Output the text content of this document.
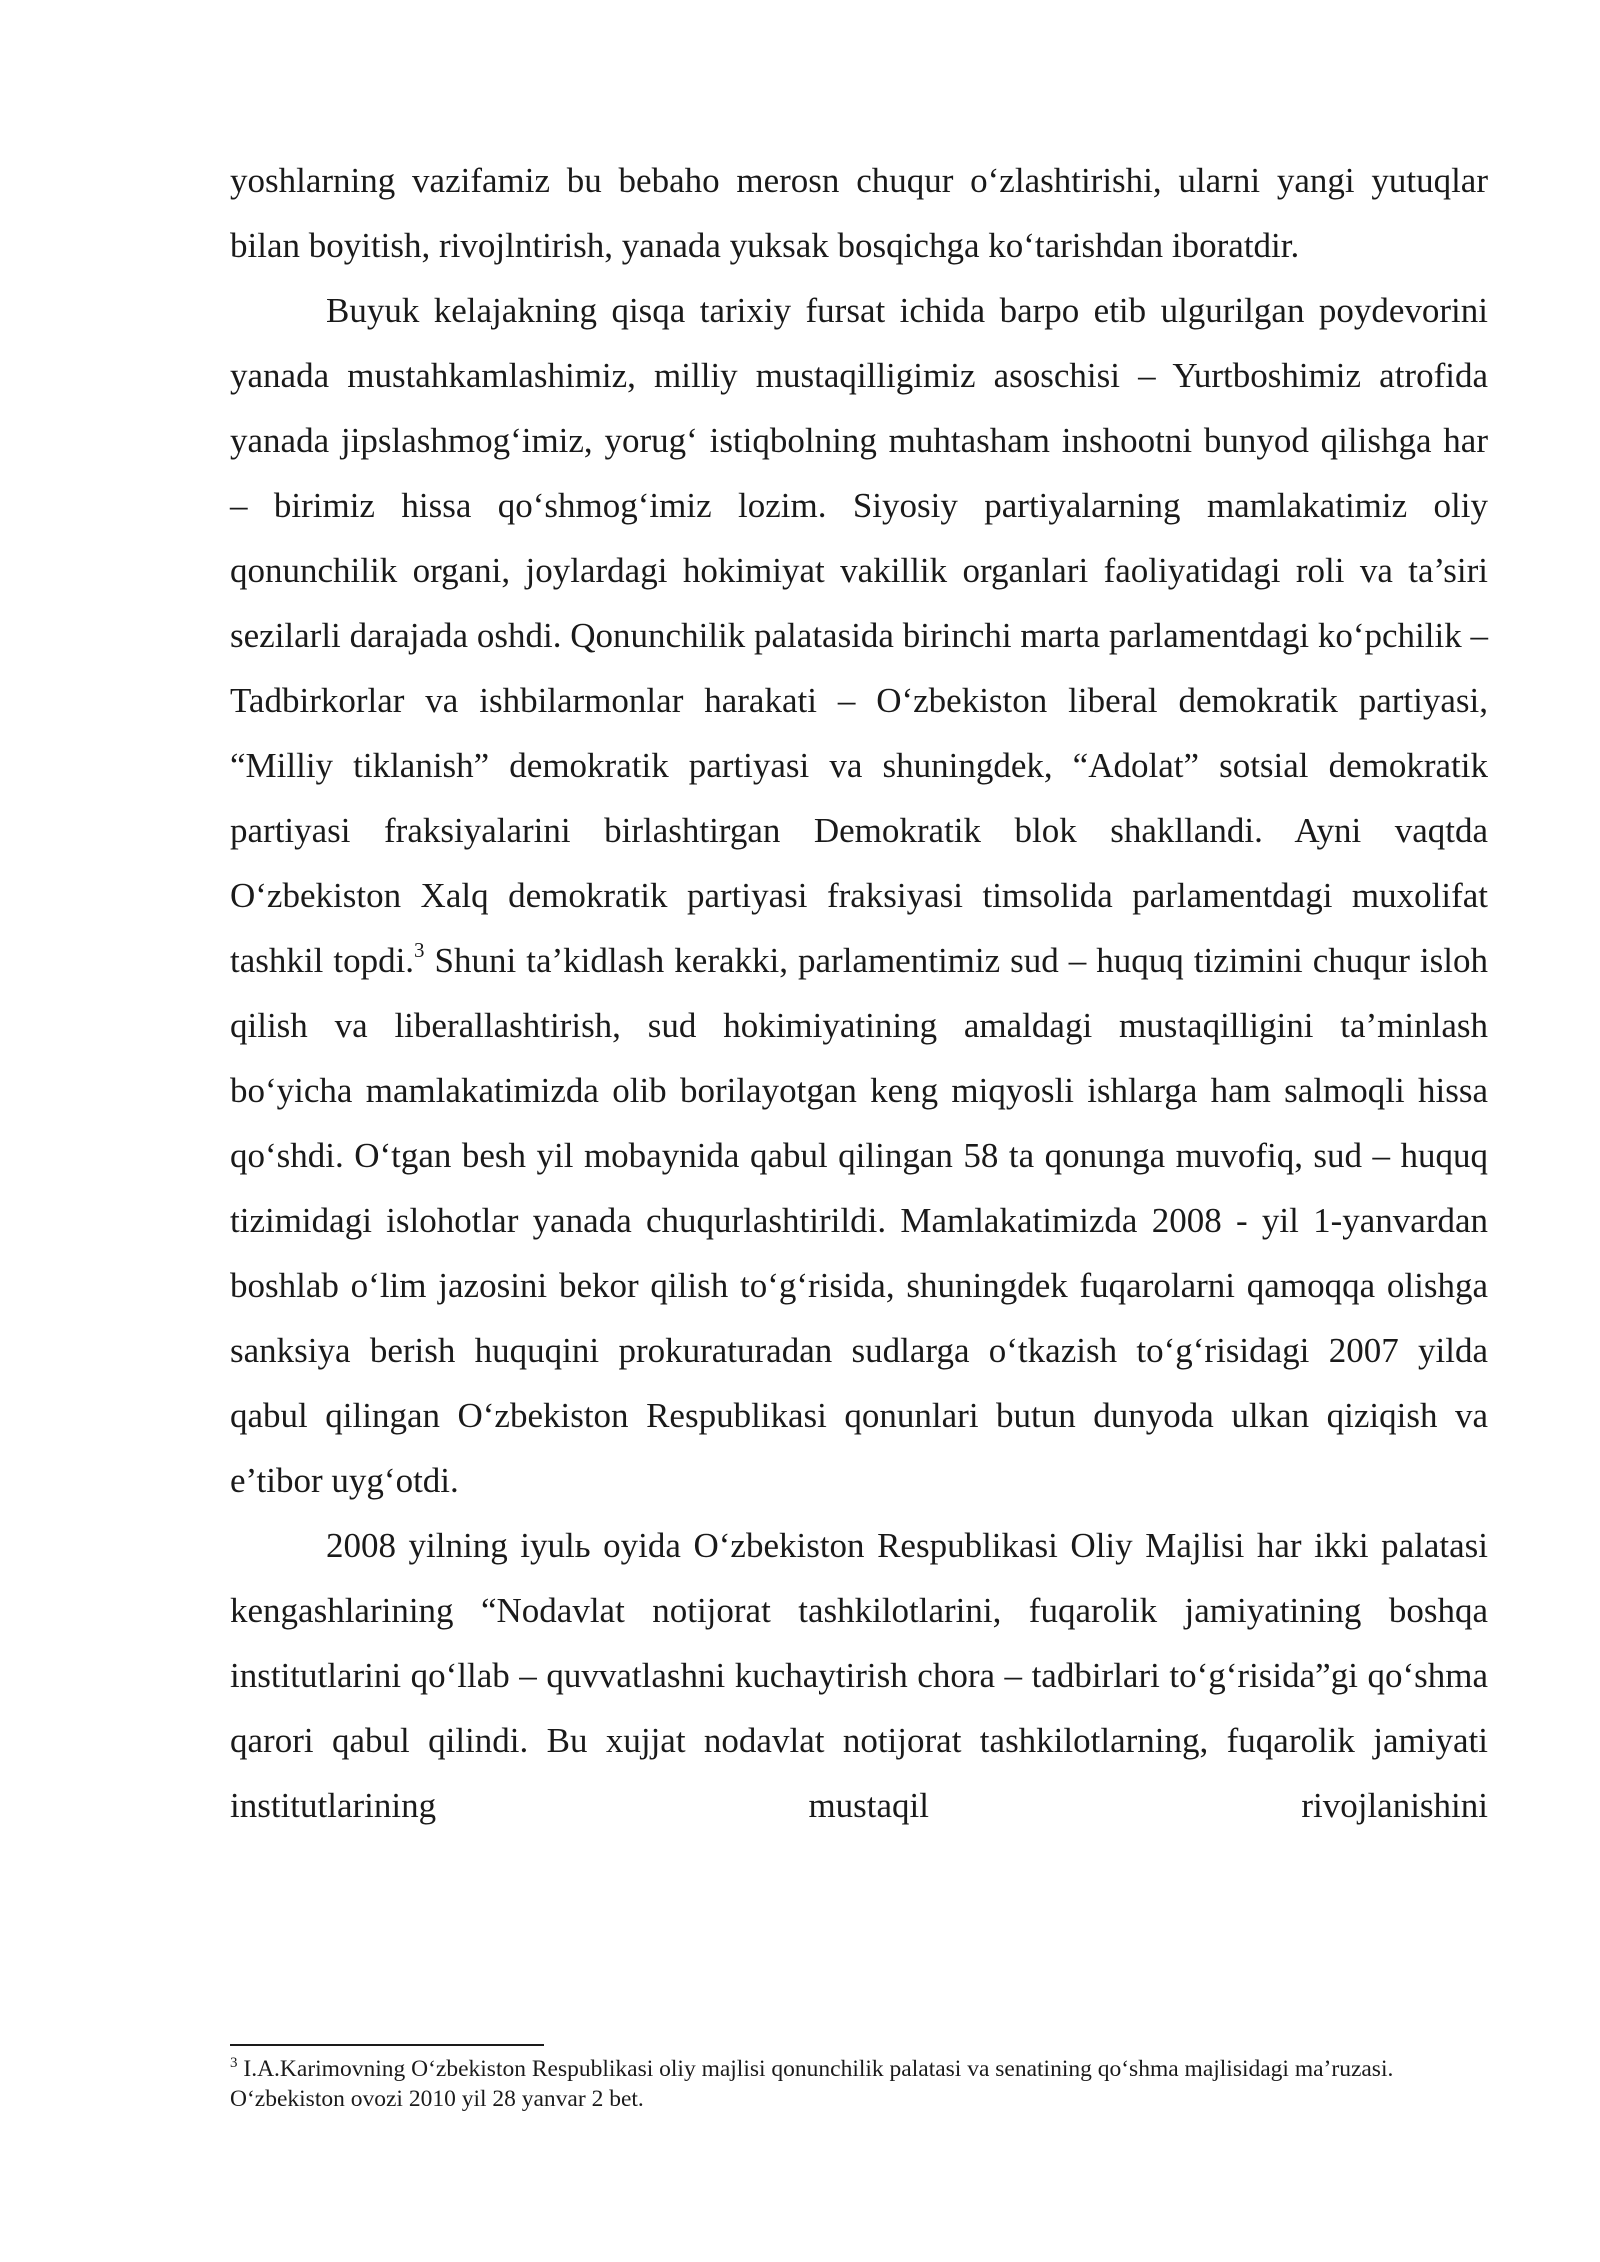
yoshlarning vazifamiz bu bebaho merosn chuqur o‘zlashtirishi, ularni yangi yutuqlar bilan boyitish, rivojlntirish, yanada yuksak bosqichga ko‘tarishdan iboratdir.

Buyuk kelajakning qisqa tarixiy fursat ichida barpo etib ulgurilgan poydevorini yanada mustahkamlashimiz, milliy mustaqilligimiz asoschisi – Yurtboshimiz atrofida yanada jipslashmog‘imiz, yorug‘ istiqbolning muhtasham inshootni bunyod qilishga har – birimiz hissa qo‘shmog‘imiz lozim. Siyosiy partiyalarning mamlakatimiz oliy qonunchilik organi, joylardagi hokimiyat vakillik organlari faoliyatidagi roli va ta’siri sezilarli darajada oshdi. Qonunchilik palatasida birinchi marta parlamentdagi ko‘pchilik – Tadbirkorlar va ishbilarmonlar harakati – O‘zbekiston liberal demokratik partiyasi, “Milliy tiklanish” demokratik partiyasi va shuningdek, “Adolat” sotsial demokratik partiyasi fraksiyalarini birlashtirgan Demokratik blok shakllandi. Ayni vaqtda O‘zbekiston Xalq demokratik partiyasi fraksiyasi timsolida parlamentdagi muxolifat tashkil topdi.$^3$ Shuni ta’kidlash kerakki, parlamentimiz sud – huquq tizimini chuqur isloh qilish va liberallashtirish, sud hokimiyatining amaldagi mustaqilligini ta’minlash bo‘yicha mamlakatimizda olib borilayotgan keng miqyosli ishlarga ham salmoqli hissa qo‘shdi. O‘tgan besh yil mobaynida qabul qilingan 58 ta qonunga muvofiq, sud – huquq tizimidagi islohotlar yanada chuqurlashtirildi. Mamlakatimizda 2008 - yil 1-yanvardan boshlab o‘lim jazosini bekor qilish to‘g‘risida, shuningdek fuqarolarni qamoqqa olishga sanksiya berish huquqini prokuraturadan sudlarga o‘tkazish to‘g‘risidagi 2007 yilda qabul qilingan O‘zbekiston Respublikasi qonunlari butun dunyoda ulkan qiziqish va e’tibor uyg‘otdi.

2008 yilning iyulь oyida O‘zbekiston Respublikasi Oliy Majlisi har ikki palatasi kengashlarining “Nodavlat notijorat tashkilotlarini, fuqarolik jamiyatining boshqa institutlarini qo‘llab – quvvatlashni kuchaytirish chora – tadbirlari to‘g‘risida”gi qo‘shma qarori qabul qilindi. Bu xujjat nodavlat notijorat tashkilotlarning, fuqarolik jamiyati institutlarining mustaqil rivojlanishini

$^3$ I.A.Karimovning O‘zbekiston Respublikasi oliy majlisi qonunchilik palatasi va senatining qo‘shma majlisidagi ma’ruzasi. O‘zbekiston ovozi 2010 yil 28 yanvar 2 bet.
